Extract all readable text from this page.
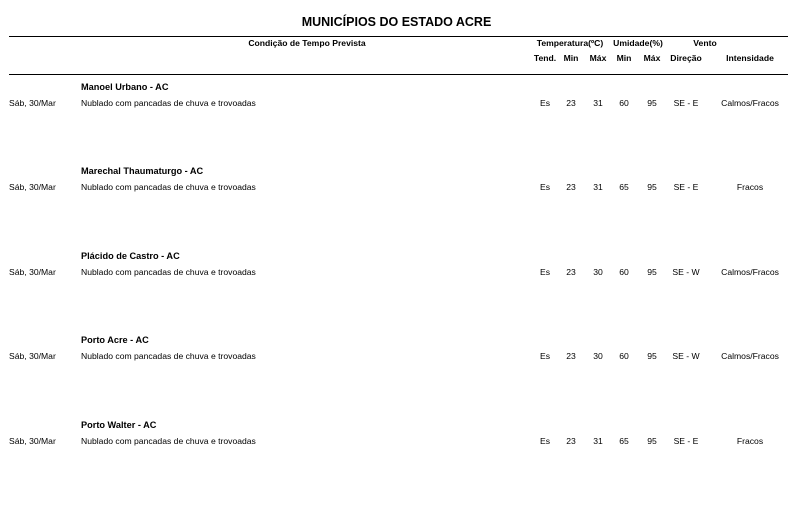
MUNICÍPIOS DO ESTADO ACRE
Condição de Tempo Prevista	Temperatura(ºC) Umidade(%)	Vento
Tend. Min Máx Min Máx Direção	Intensidade
Manoel Urbano - AC
Sáb, 30/Mar	Nublado com pancadas de chuva e trovoadas	Es 23 31 60 95 SE - E	Calmos/Fracos
Marechal Thaumaturgo - AC
Sáb, 30/Mar	Nublado com pancadas de chuva e trovoadas	Es 23 31 65 95 SE - E	Fracos
Plácido de Castro - AC
Sáb, 30/Mar	Nublado com pancadas de chuva e trovoadas	Es 23 30 60 95 SE - W	Calmos/Fracos
Porto Acre - AC
Sáb, 30/Mar	Nublado com pancadas de chuva e trovoadas	Es 23 30 60 95 SE - W	Calmos/Fracos
Porto Walter - AC
Sáb, 30/Mar	Nublado com pancadas de chuva e trovoadas	Es 23 31 65 95 SE - E	Fracos
